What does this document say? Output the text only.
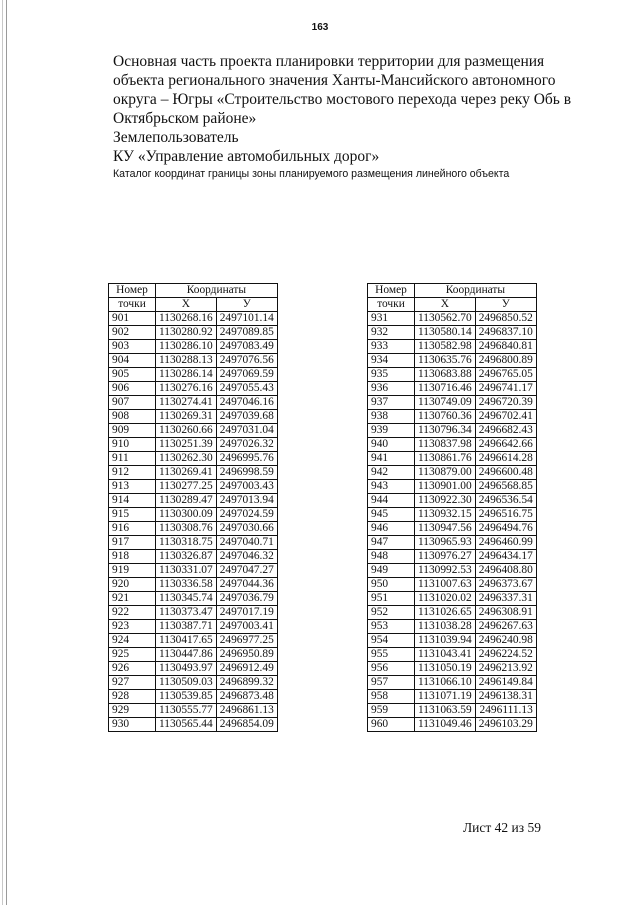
163
Основная часть проекта планировки территории для размещения
объекта регионального значения Ханты-Мансийского автономного
округа – Югры «Строительство мостового перехода через реку Обь в
Октябрьском районе»
Землепользователь
КУ «Управление автомобильных дорог»
Каталог координат границы зоны планируемого размещения линейного объекта
Номер	Координаты	
точки	Х	У
901	1130268.16	2497101.14
902	1130280.92	2497089.85
903	1130286.10	2497083.49
904	1130288.13	2497076.56
905	1130286.14	2497069.59
906	1130276.16	2497055.43
907	1130274.41	2497046.16
908	1130269.31	2497039.68
909	1130260.66	2497031.04
910	1130251.39	2497026.32
911	1130262.30	2496995.76
912	1130269.41	2496998.59
913	1130277.25	2497003.43
914	1130289.47	2497013.94
915	1130300.09	2497024.59
916	1130308.76	2497030.66
917	1130318.75	2497040.71
918	1130326.87	2497046.32
919	1130331.07	2497047.27
920	1130336.58	2497044.36
921	1130345.74	2497036.79
922	1130373.47	2497017.19
923	1130387.71	2497003.41
924	1130417.65	2496977.25
925	1130447.86	2496950.89
926	1130493.97	2496912.49
927	1130509.03	2496899.32
928	1130539.85	2496873.48
929	1130555.77	2496861.13
930	1130565.44	2496854.09
Номер	Координаты	
точки	Х	У
931	1130562.70	2496850.52
932	1130580.14	2496837.10
933	1130582.98	2496840.81
934	1130635.76	2496800.89
935	1130683.88	2496765.05
936	1130716.46	2496741.17
937	1130749.09	2496720.39
938	1130760.36	2496702.41
939	1130796.34	2496682.43
940	1130837.98	2496642.66
941	1130861.76	2496614.28
942	1130879.00	2496600.48
943	1130901.00	2496568.85
944	1130922.30	2496536.54
945	1130932.15	2496516.75
946	1130947.56	2496494.76
947	1130965.93	2496460.99
948	1130976.27	2496434.17
949	1130992.53	2496408.80
950	1131007.63	2496373.67
951	1131020.02	2496337.31
952	1131026.65	2496308.91
953	1131038.28	2496267.63
954	1131039.94	2496240.98
955	1131043.41	2496224.52
956	1131050.19	2496213.92
957	1131066.10	2496149.84
958	1131071.19	2496138.31
959	1131063.59	2496111.13
960	1131049.46	2496103.29
Лист 42 из 59
